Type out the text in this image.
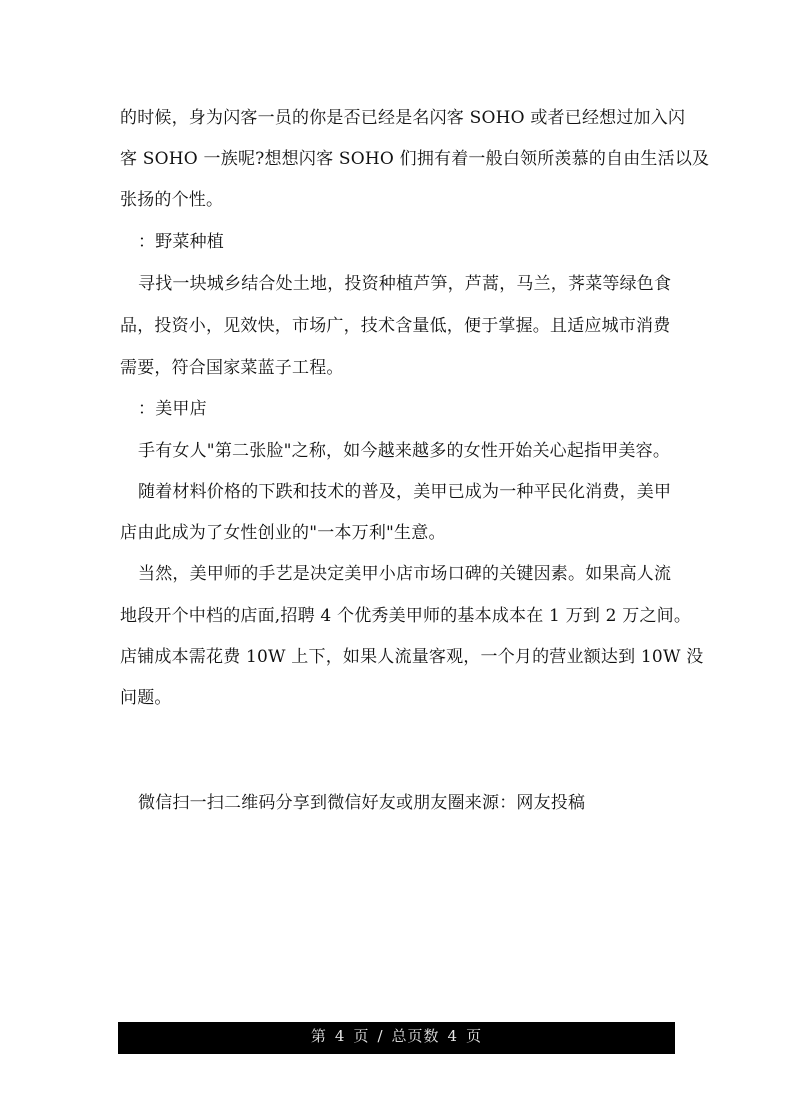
的时候，身为闪客一员的你是否已经是名闪客 SOHO 或者已经想过加入闪
客 SOHO 一族呢?想想闪客 SOHO 们拥有着一般白领所羡慕的自由生活以及
张扬的个性。
：野菜种植
寻找一块城乡结合处土地，投资种植芦笋，芦蒿，马兰，荠菜等绿色食
品，投资小，见效快，市场广，技术含量低，便于掌握。且适应城市消费
需要，符合国家菜蓝子工程。
：美甲店
手有女人"第二张脸"之称，如今越来越多的女性开始关心起指甲美容。
随着材料价格的下跌和技术的普及，美甲已成为一种平民化消费，美甲
店由此成为了女性创业的"一本万利"生意。
当然，美甲师的手艺是决定美甲小店市场口碑的关键因素。如果高人流
地段开个中档的店面,招聘 4 个优秀美甲师的基本成本在 1 万到 2 万之间。
店铺成本需花费 10W 上下，如果人流量客观，一个月的营业额达到 10W 没
问题。
微信扫一扫二维码分享到微信好友或朋友圈来源：网友投稿
第 4 页 / 总页数 4 页
